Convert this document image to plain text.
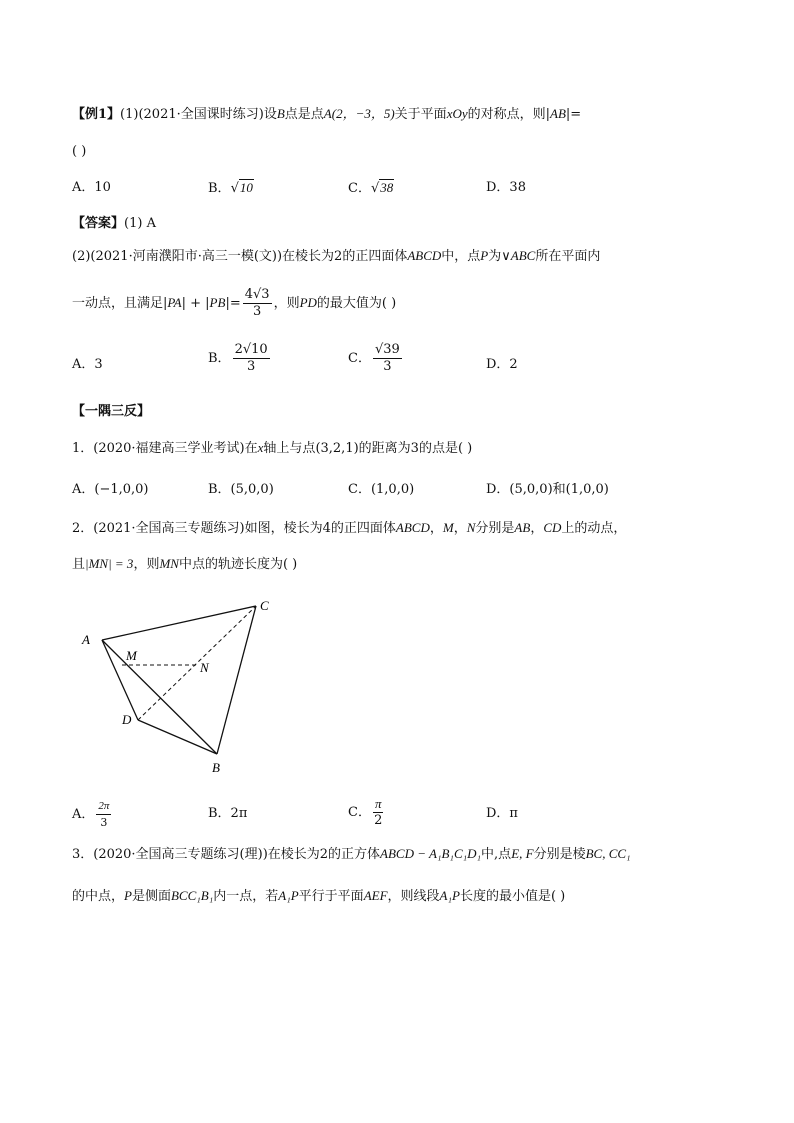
【例1】(1)(2021·全国课时练习)设B点是点A(2，−3，5)关于平面xOy的对称点，则|AB|=
( )
A．10	B．√10	C．√38	D．38
【答案】(1) A
(2)(2021·河南濮阳市·高三一模(文))在棱长为2的正四面体ABCD中，点P为∨ABC所在平面内
一动点，且满足$|PA| + |PB|= \frac{4√3}{3}$ ，则PD的最大值为( )
A．3	B． $\frac{2√10}{3}$	C． $\frac{√39}{3}$	D．2
【一隅三反】
1．(2020·福建高三学业考试)在x轴上与点(3,2,1)的距离为3的点是( )
A．(−1,0,0)	B．(5,0,0)	C．(1,0,0)	D．(5,0,0)和(1,0,0)
2．(2021·全国高三专题练习)如图，棱长为4的正四面体ABCD，M，N分别是AB，CD上的动点，
且|MN| = 3，则MN中点的轨迹长度为( )
A
C
M
N
D
B
A． $\frac{2\pi}{3}$	B．2π	C． $\frac{\pi}{2}$	D．π
3．(2020·全国高三专题练习(理))在棱长为2的正方体ABCD − A₁B₁C₁D₁中,点E, F分别是棱BC, CC₁
的中点，P是侧面BCC₁B₁内一点，若A₁P平行于平面AEF，则线段A₁P长度的最小值是( )
